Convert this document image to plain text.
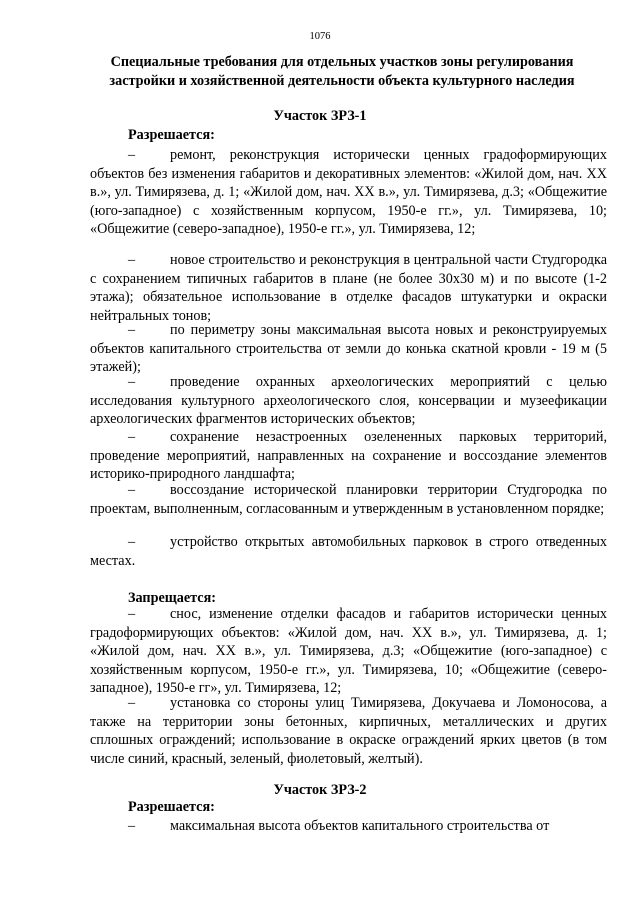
1076
Специальные требования для отдельных участков зоны регулирования застройки и хозяйственной деятельности объекта культурного наследия
Участок ЗРЗ-1
Разрешается:

– ремонт, реконструкция исторически ценных градоформирующих объектов без изменения габаритов и декоративных элементов: «Жилой дом, нач. XX в.», ул. Тимирязева, д. 1; «Жилой дом, нач. XX в.», ул. Тимирязева, д.3; «Общежитие (юго-западное) с хозяйственным корпусом, 1950-е гг.», ул. Тимирязева, 10; «Общежитие (северо-западное), 1950-е гг.», ул. Тимирязева, 12;

– новое строительство и реконструкция в центральной части Студгородка с сохранением типичных габаритов в плане (не более 30х30 м) и по высоте (1-2 этажа); обязательное использование в отделке фасадов штукатурки и окраски нейтральных тонов;

– по периметру зоны максимальная высота новых и реконструируемых объектов капитального строительства от земли до конька скатной кровли - 19 м (5 этажей);

– проведение охранных археологических мероприятий с целью исследования культурного археологического слоя, консервации и музеефикации археологических фрагментов исторических объектов;

– сохранение незастроенных озелененных парковых территорий, проведение мероприятий, направленных на сохранение и воссоздание элементов историко-природного ландшафта;

– воссоздание исторической планировки территории Студгородка по проектам, выполненным, согласованным и утвержденным в установленном порядке;

– устройство открытых автомобильных парковок в строго отведенных местах.

Запрещается:

– снос, изменение отделки фасадов и габаритов исторически ценных градоформирующих объектов: «Жилой дом, нач. XX в.», ул. Тимирязева, д. 1; «Жилой дом, нач. XX в.», ул. Тимирязева, д.3; «Общежитие (юго-западное) с хозяйственным корпусом, 1950-е гг.», ул. Тимирязева, 10; «Общежитие (северо-западное), 1950-е гг», ул. Тимирязева, 12;

– установка со стороны улиц Тимирязева, Докучаева и Ломоносова, а также на территории зоны бетонных, кирпичных, металлических и других сплошных ограждений; использование в окраске ограждений ярких цветов (в том числе синий, красный, зеленый, фиолетовый, желтый).

Участок ЗРЗ-2
Разрешается:

– максимальная высота объектов капитального строительства от
